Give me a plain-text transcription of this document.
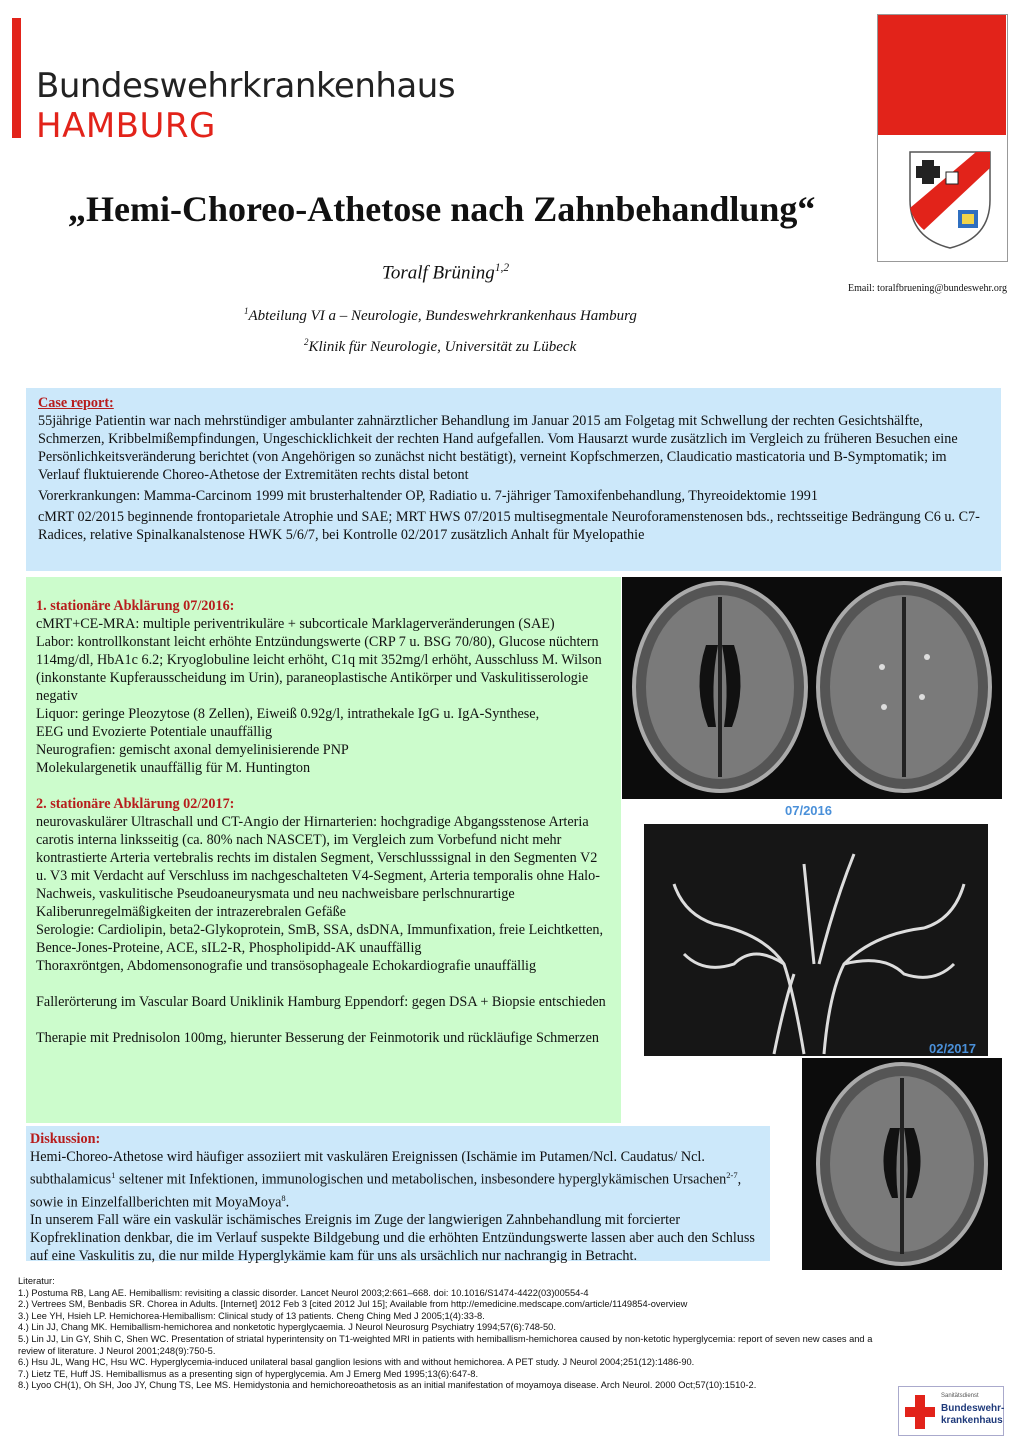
Bundeswehrkrankenhaus
HAMBURG
„Hemi-Choreo-Athetose nach Zahnbehandlung“
Toralf Brüning$^{1,2}$
Email: toralfbruening@bundeswehr.org
$^1$Abteilung VI a – Neurologie, Bundeswehrkrankenhaus Hamburg
$^2$Klinik für Neurologie, Universität zu Lübeck
Case report:

55jährige Patientin war nach mehrstündiger ambulanter zahnärztlicher Behandlung im Januar 2015 am Folgetag mit Schwellung der rechten Gesichtshälfte, Schmerzen, Kribbelmißempfindungen, Ungeschicklichkeit der rechten Hand aufgefallen. Vom Hausarzt wurde zusätzlich im Vergleich zu früheren Besuchen eine Persönlichkeitsveränderung berichtet (von Angehörigen so zunächst nicht bestätigt), verneint Kopfschmerzen, Claudicatio masticatoria und B-Symptomatik; im Verlauf fluktuierende Choreo-Athetose der Extremitäten rechts distal betont

Vorerkrankungen: Mamma-Carcinom 1999 mit brusterhaltender OP, Radiatio u. 7-jähriger Tamoxifenbehandlung, Thyreoidektomie 1991

cMRT 02/2015 beginnende frontoparietale Atrophie und SAE; MRT HWS 07/2015 multisegmentale Neuroforamenstenosen bds., rechtsseitige Bedrängung C6 u. C7-Radices, relative Spinalkanalstenose HWK 5/6/7, bei Kontrolle 02/2017 zusätzlich Anhalt für Myelopathie

1. stationäre Abklärung 07/2016:

cMRT+CE-MRA: multiple periventrikuläre + subcorticale Marklagerveränderungen (SAE)

Labor: kontrollkonstant leicht erhöhte Entzündungswerte (CRP 7 u. BSG 70/80), Glucose nüchtern 114mg/dl, HbA1c 6.2; Kryoglobuline leicht erhöht, C1q mit 352mg/l erhöht, Ausschluss M. Wilson (inkonstante Kupferausscheidung im Urin), paraneoplastische Antikörper und Vaskulitisserologie negativ

Liquor: geringe Pleozytose (8 Zellen), Eiweiß 0.92g/l, intrathekale IgG u. IgA-Synthese,

EEG und Evozierte Potentiale unauffällig

Neurografien: gemischt axonal demyelinisierende PNP

Molekulargenetik unauffällig für M. Huntington

2. stationäre Abklärung 02/2017:

neurovaskulärer Ultraschall und CT-Angio der Hirnarterien: hochgradige Abgangsstenose Arteria carotis interna linksseitig (ca. 80% nach NASCET), im Vergleich zum Vorbefund nicht mehr kontrastierte Arteria vertebralis rechts im distalen Segment, Verschlusssignal in den Segmenten V2 u. V3 mit Verdacht auf Verschluss im nachgeschalteten V4-Segment, Arteria temporalis ohne Halo-Nachweis, vaskulitische Pseudoaneurysmata und neu nachweisbare perlschnurartige Kaliberunregelmäßigkeiten der intrazerebralen Gefäße

Serologie: Cardiolipin, beta2-Glykoprotein, SmB, SSA, dsDNA, Immunfixation, freie Leichtketten, Bence-Jones-Proteine, ACE, sIL2-R, Phospholipidd-AK unauffällig

Thoraxröntgen, Abdomensonografie und transösophageale Echokardiografie unauffällig

Fallerörterung im Vascular Board Uniklinik Hamburg Eppendorf: gegen DSA + Biopsie entschieden

Therapie mit Prednisolon 100mg, hierunter Besserung der Feinmotorik und rückläufige Schmerzen

07/2016
02/2017

Diskussion:

Hemi-Choreo-Athetose wird häufiger assoziiert mit vaskulären Ereignissen (Ischämie im Putamen/Ncl. Caudatus/ Ncl. subthalamicus$^1$ seltener mit Infektionen, immunologischen und metabolischen, insbesondere hyperglykämischen Ursachen$^{2-7}$, sowie in Einzelfallberichten mit MoyaMoya$^8$.

In unserem Fall wäre ein vaskulär ischämisches Ereignis im Zuge der langwierigen Zahnbehandlung mit forcierter Kopfreklination denkbar, die im Verlauf suspekte Bildgebung und die erhöhten Entzündungswerte lassen aber auch den Schluss auf eine Vaskulitis zu, die nur milde Hyperglykämie kam für uns als ursächlich nur nachrangig in Betracht.

Literatur:
1.) Postuma RB, Lang AE. Hemiballism: revisiting a classic disorder. Lancet Neurol 2003;2:661–668. doi: 10.1016/S1474-4422(03)00554-4
2.) Vertrees SM, Benbadis SR. Chorea in Adults. [Internet] 2012 Feb 3 [cited 2012 Jul 15]; Available from http://emedicine.medscape.com/article/1149854-overview
3.) Lee YH, Hsieh LP. Hemichorea-Hemiballism: Clinical study of 13 patients. Cheng Ching Med J 2005;1(4):33-8.
4.) Lin JJ, Chang MK. Hemiballism-hemichorea and nonketotic hyperglycaemia. J Neurol Neurosurg Psychiatry 1994;57(6):748-50.
5.) Lin JJ, Lin GY, Shih C, Shen WC. Presentation of striatal hyperintensity on T1-weighted MRI in patients with hemiballism-hemichorea caused by non-ketotic hyperglycemia: report of seven new cases and a
review of literature. J Neurol 2001;248(9):750-5.
6.) Hsu JL, Wang HC, Hsu WC. Hyperglycemia-induced unilateral basal ganglion lesions with and without hemichorea. A PET study. J Neurol 2004;251(12):1486-90.
7.) Lietz TE, Huff JS. Hemiballismus as a presenting sign of hyperglycemia. Am J Emerg Med 1995;13(6):647-8.
8.) Lyoo CH(1), Oh SH, Joo JY, Chung TS, Lee MS. Hemidystonia and hemichoreoathetosis as an initial manifestation of moyamoya disease. Arch Neurol. 2000 Oct;57(10):1510-2.
Sanitätsdienst
Bundeswehr-
krankenhaus
